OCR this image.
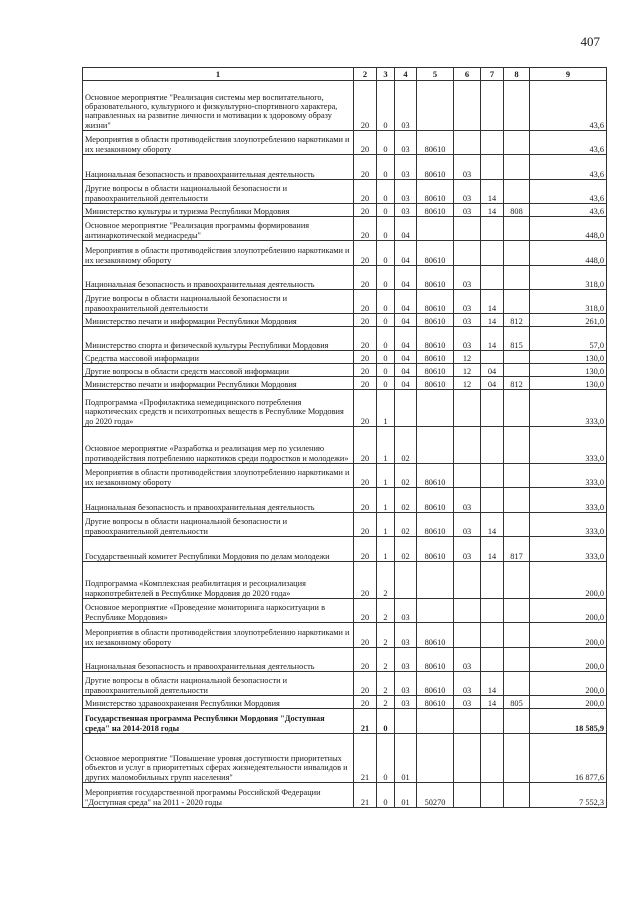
407
1	2	3	4	5	6	7	8	9
Основное мероприятие "Реализация системы мер воспитательного, образовательного, культурного и физкультурно-спортивного характера, направленных на развитие личности и мотивации к здоровому образу жизни"	20	0	03					43,6
Мероприятия в области противодействия злоупотреблению наркотиками и их незаконному обороту	20	0	03	80610				43,6
Национальная безопасность и правоохранительная деятельность	20	0	03	80610	03			43,6
Другие вопросы в области национальной безопасности и правоохранительной деятельности	20	0	03	80610	03	14		43,6
Министерство культуры и туризма Республики Мордовия	20	0	03	80610	03	14	808	43,6
Основное мероприятие "Реализация программы формирования антинаркотической медиасреды"	20	0	04					448,0
Мероприятия в области противодействия злоупотреблению наркотиками и их незаконному обороту	20	0	04	80610				448,0
Национальная безопасность и правоохранительная деятельность	20	0	04	80610	03			318,0
Другие вопросы в области национальной безопасности и правоохранительной деятельности	20	0	04	80610	03	14		318,0
Министерство печати и информации Республики Мордовия	20	0	04	80610	03	14	812	261,0
Министерство спорта и физической культуры Республики Мордовия	20	0	04	80610	03	14	815	57,0
Средства массовой информации	20	0	04	80610	12			130,0
Другие вопросы в области средств массовой информации	20	0	04	80610	12	04		130,0
Министерство печати и информации Республики Мордовия	20	0	04	80610	12	04	812	130,0
Подпрограмма «Профилактика немедицинского потребления наркотических средств и психотропных веществ в Республике Мордовия до 2020 года»	20	1						333,0
Основное мероприятие «Разработка и реализация мер по усилению противодействия потреблению наркотиков среди подростков и молодежи»	20	1	02					333,0
Мероприятия в области противодействия злоупотреблению наркотиками и их незаконному обороту	20	1	02	80610				333,0
Национальная безопасность и правоохранительная деятельность	20	1	02	80610	03			333,0
Другие вопросы в области национальной безопасности и правоохранительной деятельности	20	1	02	80610	03	14		333,0
Государственный комитет Республики Мордовия по делам молодежи	20	1	02	80610	03	14	817	333,0
Подпрограмма «Комплексная реабилитация и ресоциализация наркопотребителей в Республике Мордовия до 2020 года»	20	2						200,0
Основное мероприятие «Проведение мониторинга наркоситуации в Республике Мордовия»	20	2	03					200,0
Мероприятия в области противодействия злоупотреблению наркотиками и их незаконному обороту	20	2	03	80610				200,0
Национальная безопасность и правоохранительная деятельность	20	2	03	80610	03			200,0
Другие вопросы в области национальной безопасности и правоохранительной деятельности	20	2	03	80610	03	14		200,0
Министерство здравоохранения Республики Мордовия	20	2	03	80610	03	14	805	200,0
Государственная программа Республики Мордовия "Доступная среда" на 2014-2018 годы	21	0						18 585,9
Основное мероприятие "Повышение уровня доступности приоритетных объектов и услуг в приоритетных сферах жизнедеятельности инвалидов и других маломобильных групп населения"	21	0	01					16 877,6
Мероприятия государственной программы Российской Федерации "Доступная среда" на 2011 - 2020 годы	21	0	01	50270				7 552,3
